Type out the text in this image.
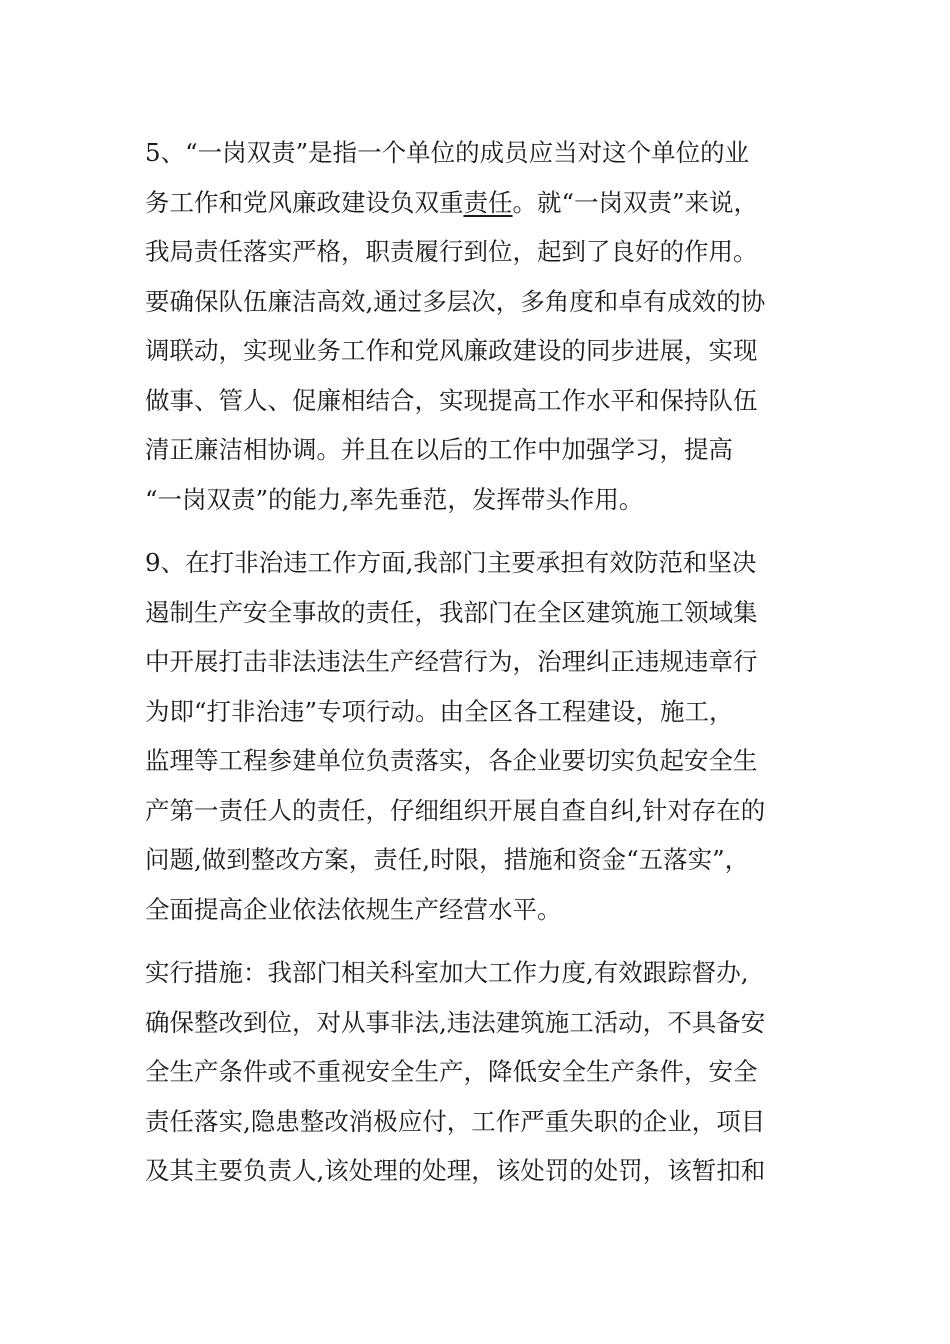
5、“一岗双责”是指一个单位的成员应当对这个单位的业
务工作和党风廉政建设负双重责任。就“一岗双责”来说，
我局责任落实严格，职责履行到位，起到了良好的作用。
要确保队伍廉洁高效,通过多层次，多角度和卓有成效的协
调联动，实现业务工作和党风廉政建设的同步进展，实现
做事、管人、促廉相结合，实现提高工作水平和保持队伍
清正廉洁相协调。并且在以后的工作中加强学习，提高
“一岗双责”的能力,率先垂范，发挥带头作用。
9、在打非治违工作方面,我部门主要承担有效防范和坚决
遏制生产安全事故的责任，我部门在全区建筑施工领域集
中开展打击非法违法生产经营行为，治理纠正违规违章行
为即“打非治违”专项行动。由全区各工程建设，施工，
监理等工程参建单位负责落实，各企业要切实负起安全生
产第一责任人的责任，仔细组织开展自查自纠,针对存在的
问题,做到整改方案，责任,时限，措施和资金“五落实”，
全面提高企业依法依规生产经营水平。
实行措施：我部门相关科室加大工作力度,有效跟踪督办,
确保整改到位，对从事非法,违法建筑施工活动，不具备安
全生产条件或不重视安全生产，降低安全生产条件，安全
责任落实,隐患整改消极应付，工作严重失职的企业，项目
及其主要负责人,该处理的处理，该处罚的处罚，该暂扣和
